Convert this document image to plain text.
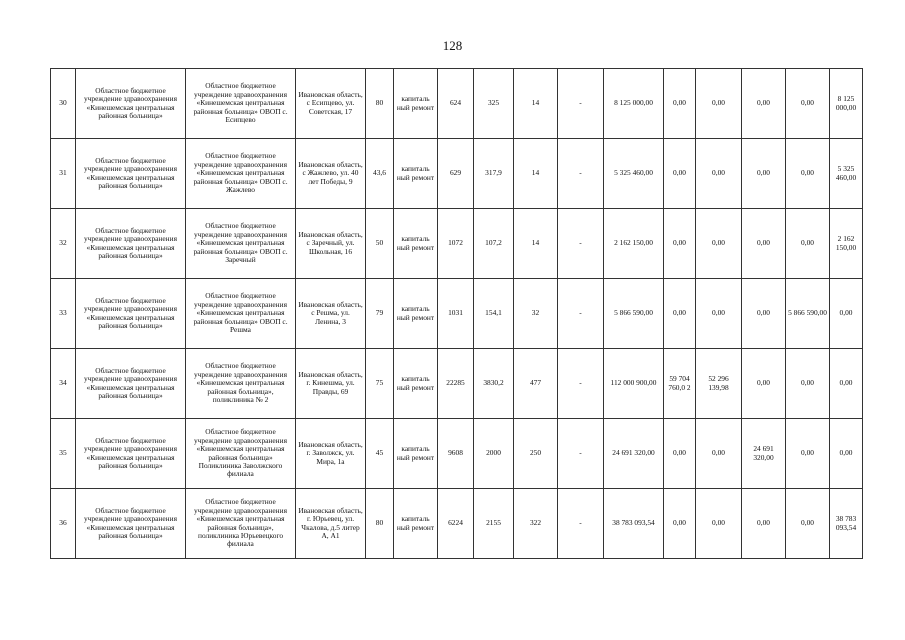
128
30	Областное бюджетное учреждение здравоохранения «Кинешемская центральная районная больница»	Областное бюджетное учреждение здравоохранения «Кинешемская центральная районная больница» ОВОП с. Есипцево	Ивановская область, с Есипцево, ул. Советская, 17	80	капиталь ный ремонт	624	325	14	-	8 125 000,00	0,00	0,00	0,00	0,00	8 125 000,00
31	Областное бюджетное учреждение здравоохранения «Кинешемская центральная районная больница»	Областное бюджетное учреждение здравоохранения «Кинешемская центральная районная больница» ОВОП с. Жажлево	Ивановская область, с Жажлево, ул. 40 лет Победы, 9	43,6	капиталь ный ремонт	629	317,9	14	-	5 325 460,00	0,00	0,00	0,00	0,00	5 325 460,00
32	Областное бюджетное учреждение здравоохранения «Кинешемская центральная районная больница»	Областное бюджетное учреждение здравоохранения «Кинешемская центральная районная больница» ОВОП с. Заречный	Ивановская область, с Заречный, ул. Школьная, 16	50	капиталь ный ремонт	1072	107,2	14	-	2 162 150,00	0,00	0,00	0,00	0,00	2 162 150,00
33	Областное бюджетное учреждение здравоохранения «Кинешемская центральная районная больница»	Областное бюджетное учреждение здравоохранения «Кинешемская центральная районная больница» ОВОП с. Решма	Ивановская область, с Решма, ул. Ленина, 3	79	капиталь ный ремонт	1031	154,1	32	-	5 866 590,00	0,00	0,00	0,00	5 866 590,00	0,00
34	Областное бюджетное учреждение здравоохранения «Кинешемская центральная районная больница»	Областное бюджетное учреждение здравоохранения «Кинешемская центральная районная больница», поликлиника № 2	Ивановская область, г. Кинешма, ул. Правды, 69	75	капиталь ный ремонт	22285	3830,2	477	-	112 000 900,00	59 704 760,0 2	52 296 139,98	0,00	0,00	0,00
35	Областное бюджетное учреждение здравоохранения «Кинешемская центральная районная больница»	Областное бюджетное учреждение здравоохранения «Кинешемская центральная районная больница» Поликлиника Заволжского филиала	Ивановская область, г. Заволжск, ул. Мира, 1а	45	капиталь ный ремонт	9608	2000	250	-	24 691 320,00	0,00	0,00	24 691 320,00	0,00	0,00
36	Областное бюджетное учреждение здравоохранения «Кинешемская центральная районная больница»	Областное бюджетное учреждение здравоохранения «Кинешемская центральная районная больница», поликлиника Юрьевецкого филиала	Ивановская область, г. Юрьевец, ул. Чкалова, д.5 литер А, А1	80	капиталь ный ремонт	6224	2155	322	-	38 783 093,54	0,00	0,00	0,00	0,00	38 783 093,54
